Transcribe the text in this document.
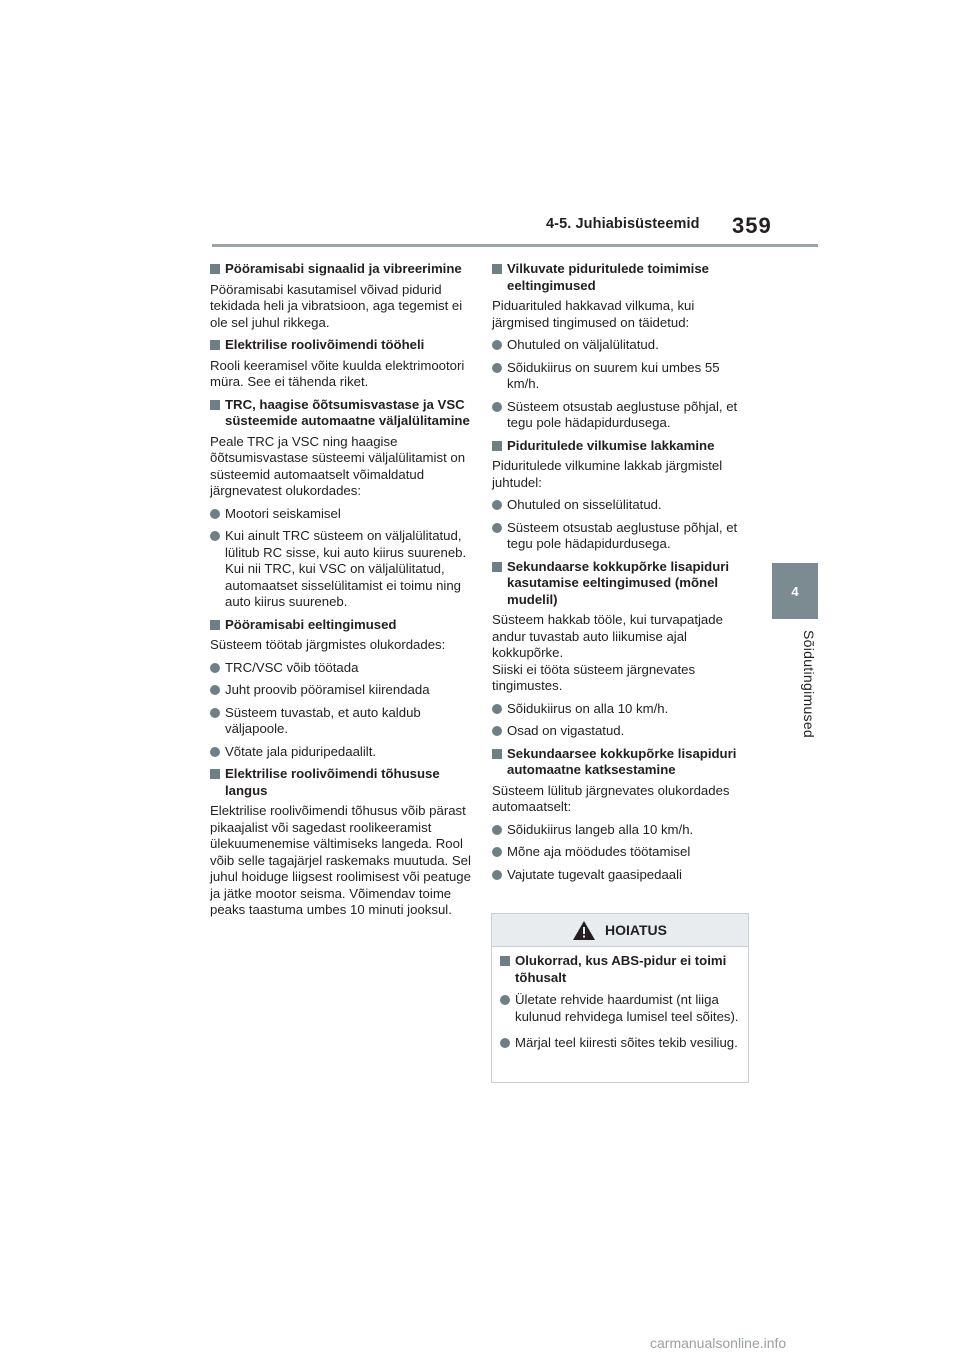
4-5. Juhiabisüsteemid 359
4
Sõidutingimused
Pööramisabi signaalid ja vibreerimine

Pööramisabi kasutamisel võivad pidurid tekidada heli ja vibratsioon, aga tegemist ei ole sel juhul rikkega.

Elektrilise roolivõimendi tööheli

Rooli keeramisel võite kuulda elektrimootori müra. See ei tähenda riket.

TRC, haagise õõtsumisvastase ja VSC süsteemide automaatne väljalülitamine

Peale TRC ja VSC ning haagise õõtsumisvastase süsteemi väljalülitamist on süsteemid automaatselt võimaldatud järgnevatest olukordades:

Mootori seiskamisel
Kui ainult TRC süsteem on väljalülitatud, lülitub RC sisse, kui auto kiirus suureneb.
Kui nii TRC, kui VSC on väljalülitatud, automaatset sisselülitamist ei toimu ning auto kiirus suureneb.
Pööramisabi eeltingimused

Süsteem töötab järgmistes olukordades:

TRC/VSC võib töötada
Juht proovib pööramisel kiirendada
Süsteem tuvastab, et auto kaldub väljapoole.
Võtate jala piduripedaalilt.
Elektrilise roolivõimendi tõhususe langus

Elektrilise roolivõimendi tõhusus võib pärast pikaajalist või sagedast roolikeeramist ülekuumenemise vältimiseks langeda. Rool võib selle tagajärjel raskemaks muutuda. Sel juhul hoiduge liigsest roolimisest või peatuge ja jätke mootor seisma. Võimendav toime peaks taastuma umbes 10 minuti jooksul.

Vilkuvate piduritulede toimimise eeltingimused

Piduarituled hakkavad vilkuma, kui järgmised tingimused on täidetud:

Ohutuled on väljalülitatud.
Sõidukiirus on suurem kui umbes 55 km/h.
Süsteem otsustab aeglustuse põhjal, et tegu pole hädapidurdusega.
Piduritulede vilkumise lakkamine

Piduritulede vilkumine lakkab järgmistel juhtudel:

Ohutuled on sisselülitatud.
Süsteem otsustab aeglustuse põhjal, et tegu pole hädapidurdusega.
Sekundaarse kokkupõrke lisapiduri kasutamise eeltingimused (mõnel mudelil)

Süsteem hakkab tööle, kui turvapatjade andur tuvastab auto liikumise ajal kokkupõrke.
Siiski ei tööta süsteem järgnevates tingimustes.

Sõidukiirus on alla 10 km/h.
Osad on vigastatud.
Sekundaarsee kokkupõrke lisapiduri automaatne katksestamine

Süsteem lülitub järgnevates olukordades automaatselt:

Sõidukiirus langeb alla 10 km/h.
Mõne aja möödudes töötamisel
Vajutate tugevalt gaasipedaali
HOIATUS
Olukorrad, kus ABS-pidur ei toimi tõhusalt
Ületate rehvide haardumist (nt liiga kulunud rehvidega lumisel teel sõites).
Märjal teel kiiresti sõites tekib vesiliug.
carmanualsonline.info
